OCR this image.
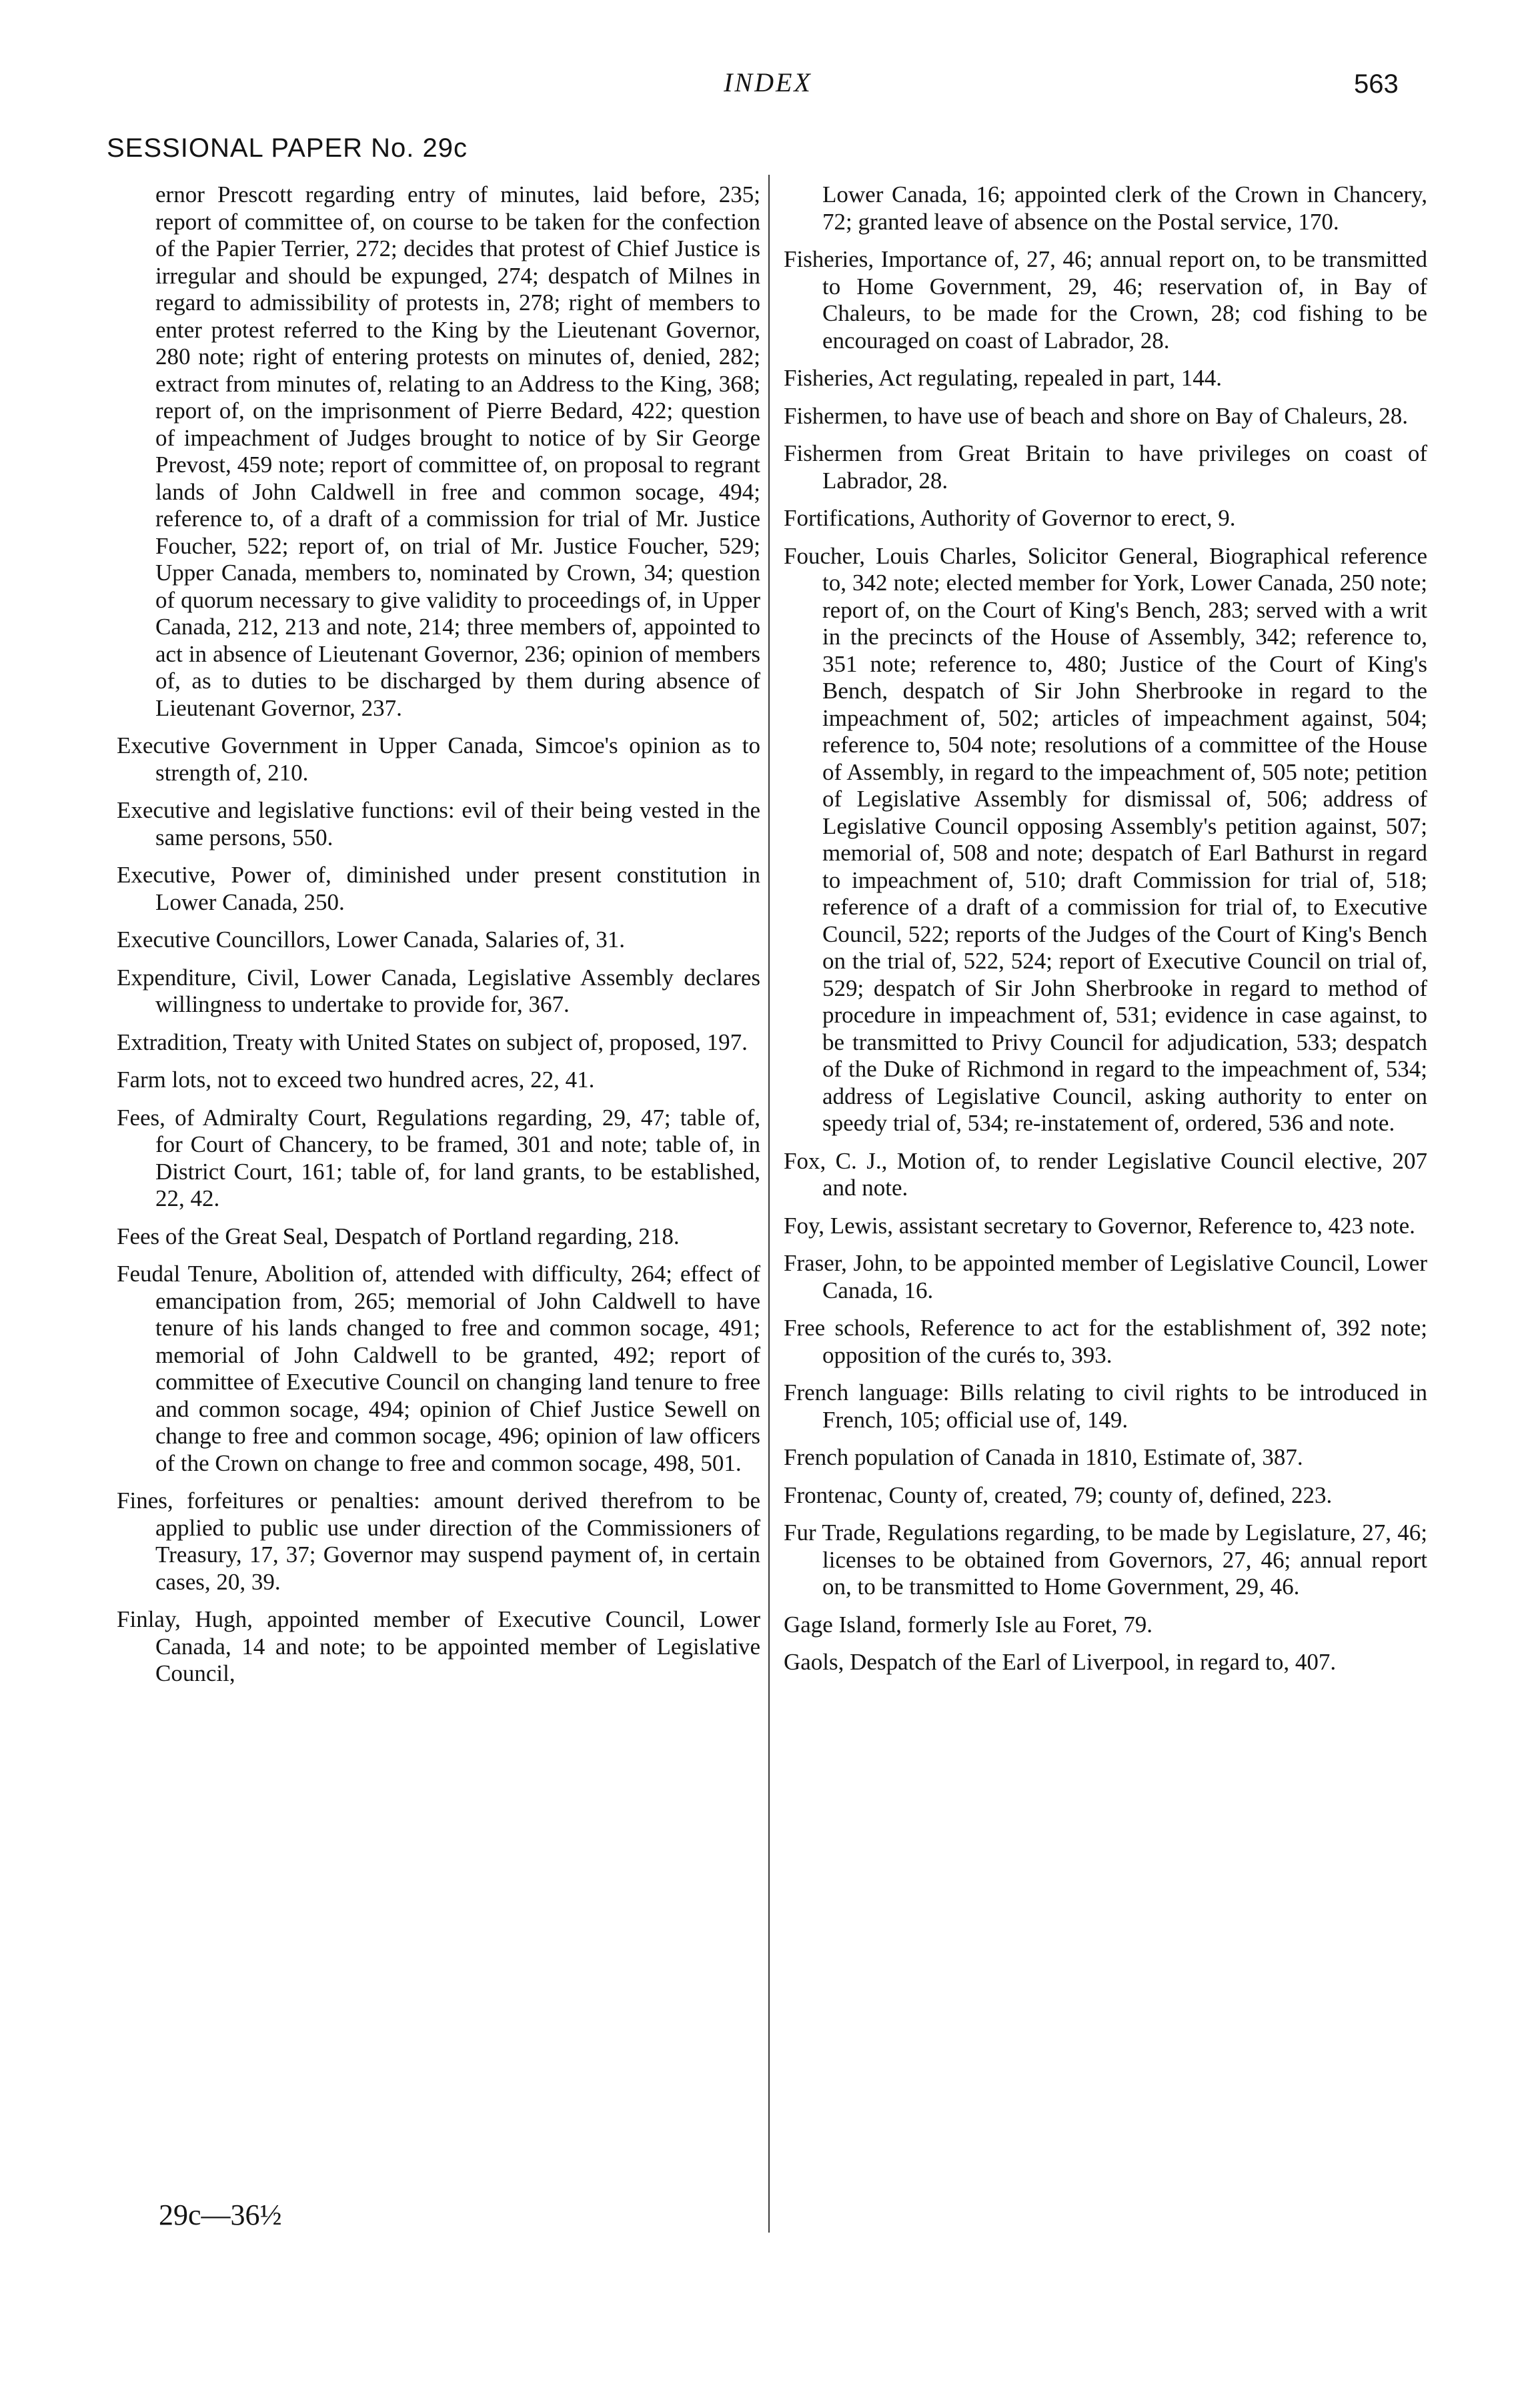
INDEX	563
SESSIONAL PAPER No. 29c

ernor Prescott regarding entry of minutes, laid before, 235; report of committee of, on course to be taken for the confection of the Papier Terrier, 272; decides that protest of Chief Justice is irregular and should be expunged, 274; despatch of Milnes in regard to admissibility of protests in, 278; right of members to enter protest referred to the King by the Lieutenant Governor, 280 note; right of entering protests on minutes of, denied, 282; extract from minutes of, relating to an Address to the King, 368; report of, on the imprisonment of Pierre Bedard, 422; question of impeachment of Judges brought to notice of by Sir George Prevost, 459 note; report of committee of, on proposal to regrant lands of John Caldwell in free and common socage, 494; reference to, of a draft of a commission for trial of Mr. Justice Foucher, 522; report of, on trial of Mr. Justice Foucher, 529; Upper Canada, members to, nominated by Crown, 34; question of quorum necessary to give validity to proceedings of, in Upper Canada, 212, 213 and note, 214; three members of, appointed to act in absence of Lieutenant Governor, 236; opinion of members of, as to duties to be discharged by them during absence of Lieutenant Governor, 237.

Executive Government in Upper Canada, Simcoe's opinion as to strength of, 210.

Executive and legislative functions: evil of their being vested in the same persons, 550.

Executive, Power of, diminished under present constitution in Lower Canada, 250.

Executive Councillors, Lower Canada, Salaries of, 31.

Expenditure, Civil, Lower Canada, Legislative Assembly declares willingness to undertake to provide for, 367.

Extradition, Treaty with United States on subject of, proposed, 197.

Farm lots, not to exceed two hundred acres, 22, 41.

Fees, of Admiralty Court, Regulations regarding, 29, 47; table of, for Court of Chancery, to be framed, 301 and note; table of, in District Court, 161; table of, for land grants, to be established, 22, 42.

Fees of the Great Seal, Despatch of Portland regarding, 218.

Feudal Tenure, Abolition of, attended with difficulty, 264; effect of emancipation from, 265; memorial of John Caldwell to have tenure of his lands changed to free and common socage, 491; memorial of John Caldwell to be granted, 492; report of committee of Executive Council on changing land tenure to free and common socage, 494; opinion of Chief Justice Sewell on change to free and common socage, 496; opinion of law officers of the Crown on change to free and common socage, 498, 501.

Fines, forfeitures or penalties: amount derived therefrom to be applied to public use under direction of the Commissioners of Treasury, 17, 37; Governor may suspend payment of, in certain cases, 20, 39.

Finlay, Hugh, appointed member of Executive Council, Lower Canada, 14 and note; to be appointed member of Legislative Council,

Lower Canada, 16; appointed clerk of the Crown in Chancery, 72; granted leave of absence on the Postal service, 170.

Fisheries, Importance of, 27, 46; annual report on, to be transmitted to Home Government, 29, 46; reservation of, in Bay of Chaleurs, to be made for the Crown, 28; cod fishing to be encouraged on coast of Labrador, 28.

Fisheries, Act regulating, repealed in part, 144.

Fishermen, to have use of beach and shore on Bay of Chaleurs, 28.

Fishermen from Great Britain to have privileges on coast of Labrador, 28.

Fortifications, Authority of Governor to erect, 9.

Foucher, Louis Charles, Solicitor General, Biographical reference to, 342 note; elected member for York, Lower Canada, 250 note; report of, on the Court of King's Bench, 283; served with a writ in the precincts of the House of Assembly, 342; reference to, 351 note; reference to, 480; Justice of the Court of King's Bench, despatch of Sir John Sherbrooke in regard to the impeachment of, 502; articles of impeachment against, 504; reference to, 504 note; resolutions of a committee of the House of Assembly, in regard to the impeachment of, 505 note; petition of Legislative Assembly for dismissal of, 506; address of Legislative Council opposing Assembly's petition against, 507; memorial of, 508 and note; despatch of Earl Bathurst in regard to impeachment of, 510; draft Commission for trial of, 518; reference of a draft of a commission for trial of, to Executive Council, 522; reports of the Judges of the Court of King's Bench on the trial of, 522, 524; report of Executive Council on trial of, 529; despatch of Sir John Sherbrooke in regard to method of procedure in impeachment of, 531; evidence in case against, to be transmitted to Privy Council for adjudication, 533; despatch of the Duke of Richmond in regard to the impeachment of, 534; address of Legislative Council, asking authority to enter on speedy trial of, 534; re-instatement of, ordered, 536 and note.

Fox, C. J., Motion of, to render Legislative Council elective, 207 and note.

Foy, Lewis, assistant secretary to Governor, Reference to, 423 note.

Fraser, John, to be appointed member of Legislative Council, Lower Canada, 16.

Free schools, Reference to act for the establishment of, 392 note; opposition of the curés to, 393.

French language: Bills relating to civil rights to be introduced in French, 105; official use of, 149.

French population of Canada in 1810, Estimate of, 387.

Frontenac, County of, created, 79; county of, defined, 223.

Fur Trade, Regulations regarding, to be made by Legislature, 27, 46; licenses to be obtained from Governors, 27, 46; annual report on, to be transmitted to Home Government, 29, 46.

Gage Island, formerly Isle au Foret, 79.

Gaols, Despatch of the Earl of Liverpool, in regard to, 407.

29c—36½
